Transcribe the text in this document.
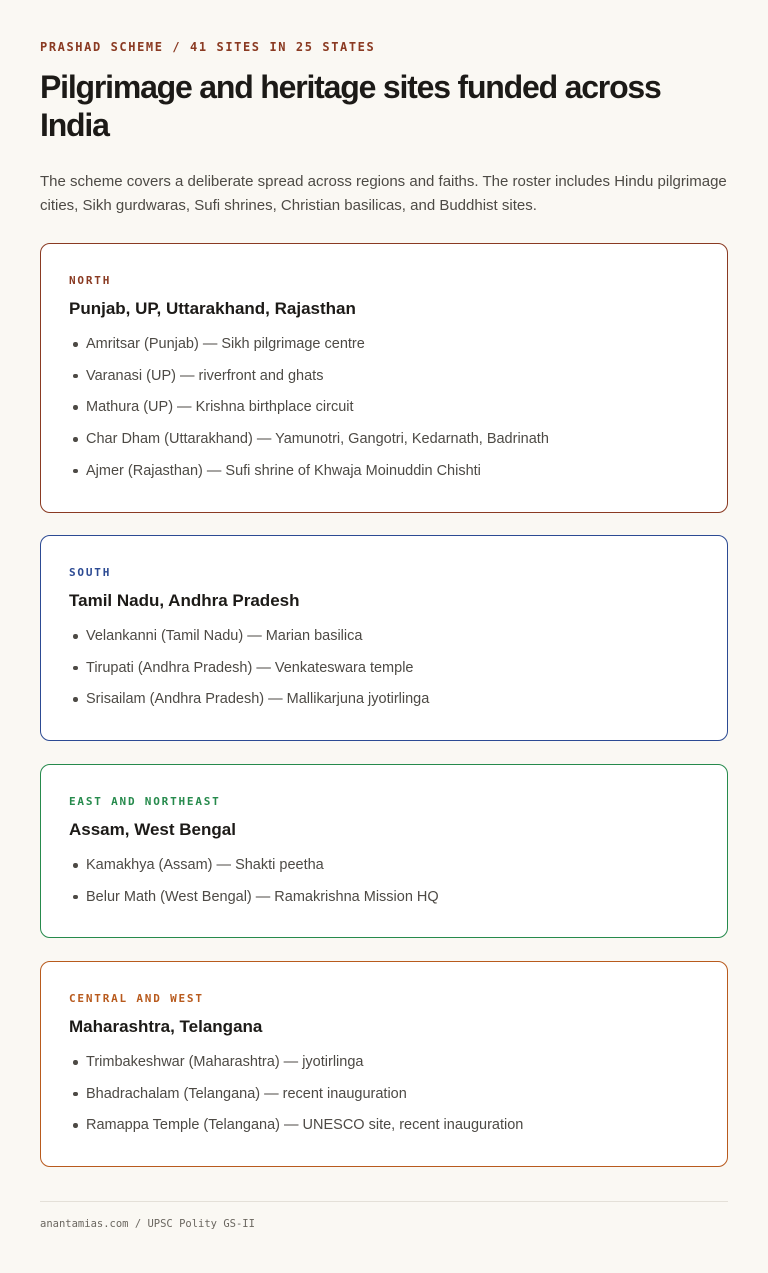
PRASHAD SCHEME / 41 SITES IN 25 STATES
Pilgrimage and heritage sites funded across India

The scheme covers a deliberate spread across regions and faiths. The roster includes Hindu pilgrimage cities, Sikh gurdwaras, Sufi shrines, Christian basilicas, and Buddhist sites.

NORTH
Punjab, UP, Uttarakhand, Rajasthan
Amritsar (Punjab) — Sikh pilgrimage centre
Varanasi (UP) — riverfront and ghats
Mathura (UP) — Krishna birthplace circuit
Char Dham (Uttarakhand) — Yamunotri, Gangotri, Kedarnath, Badrinath
Ajmer (Rajasthan) — Sufi shrine of Khwaja Moinuddin Chishti
SOUTH
Tamil Nadu, Andhra Pradesh
Velankanni (Tamil Nadu) — Marian basilica
Tirupati (Andhra Pradesh) — Venkateswara temple
Srisailam (Andhra Pradesh) — Mallikarjuna jyotirlinga
EAST AND NORTHEAST
Assam, West Bengal
Kamakhya (Assam) — Shakti peetha
Belur Math (West Bengal) — Ramakrishna Mission HQ
CENTRAL AND WEST
Maharashtra, Telangana
Trimbakeshwar (Maharashtra) — jyotirlinga
Bhadrachalam (Telangana) — recent inauguration
Ramappa Temple (Telangana) — UNESCO site, recent inauguration
anantamias.com / UPSC Polity GS-II
